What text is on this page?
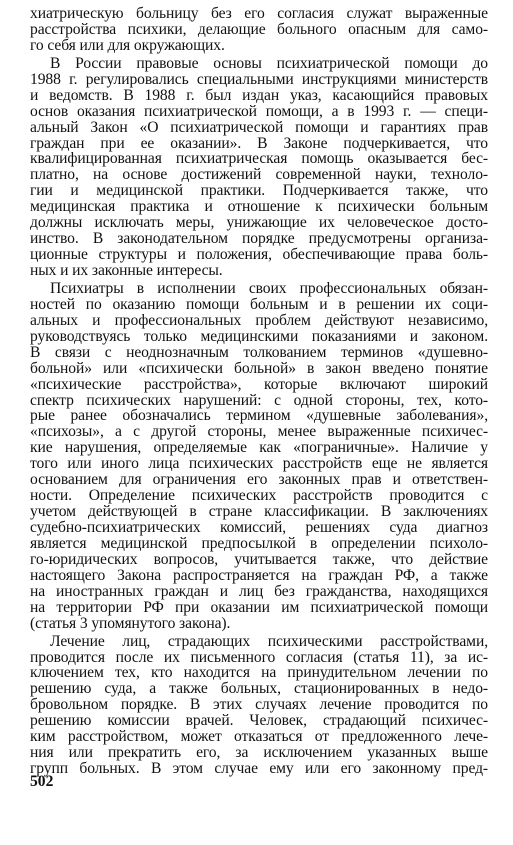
хиатрическую больницу без его согласия служат выраженные
расстройства психики, делающие больного опасным для само-
го себя или для окружающих.
В России правовые основы психиатрической помощи до
1988 г. регулировались специальными инструкциями министерств
и ведомств. В 1988 г. был издан указ, касающийся правовых
основ оказания психиатрической помощи, а в 1993 г. — специ-
альный Закон «О психиатрической помощи и гарантиях прав
граждан при ее оказании». В Законе подчеркивается, что
квалифицированная психиатрическая помощь оказывается бес-
платно, на основе достижений современной науки, техноло-
гии и медицинской практики. Подчеркивается также, что
медицинская практика и отношение к психически больным
должны исключать меры, унижающие их человеческое досто-
инство. В законодательном порядке предусмотрены организа-
ционные структуры и положения, обеспечивающие права боль-
ных и их законные интересы.
Психиатры в исполнении своих профессиональных обязан-
ностей по оказанию помощи больным и в решении их соци-
альных и профессиональных проблем действуют независимо,
руководствуясь только медицинскими показаниями и законом.
В связи с неоднозначным толкованием терминов «душевно-
больной» или «психически больной» в закон введено понятие
«психические расстройства», которые включают широкий
спектр психических нарушений: с одной стороны, тех, кото-
рые ранее обозначались термином «душевные заболевания»,
«психозы», а с другой стороны, менее выраженные психичес-
кие нарушения, определяемые как «пограничные». Наличие у
того или иного лица психических расстройств еще не является
основанием для ограничения его законных прав и ответствен-
ности. Определение психических расстройств проводится с
учетом действующей в стране классификации. В заключениях
судебно-психиатрических комиссий, решениях суда диагноз
является медицинской предпосылкой в определении психоло-
го-юридических вопросов, учитывается также, что действие
настоящего Закона распространяется на граждан РФ, а также
на иностранных граждан и лиц без гражданства, находящихся
на территории РФ при оказании им психиатрической помощи
(статья 3 упомянутого закона).
Лечение лиц, страдающих психическими расстройствами,
проводится после их письменного согласия (статья 11), за ис-
ключением тех, кто находится на принудительном лечении по
решению суда, а также больных, стационированных в недо-
бровольном порядке. В этих случаях лечение проводится по
решению комиссии врачей. Человек, страдающий психичес-
ким расстройством, может отказаться от предложенного лече-
ния или прекратить его, за исключением указанных выше
групп больных. В этом случае ему или его законному пред-
502
